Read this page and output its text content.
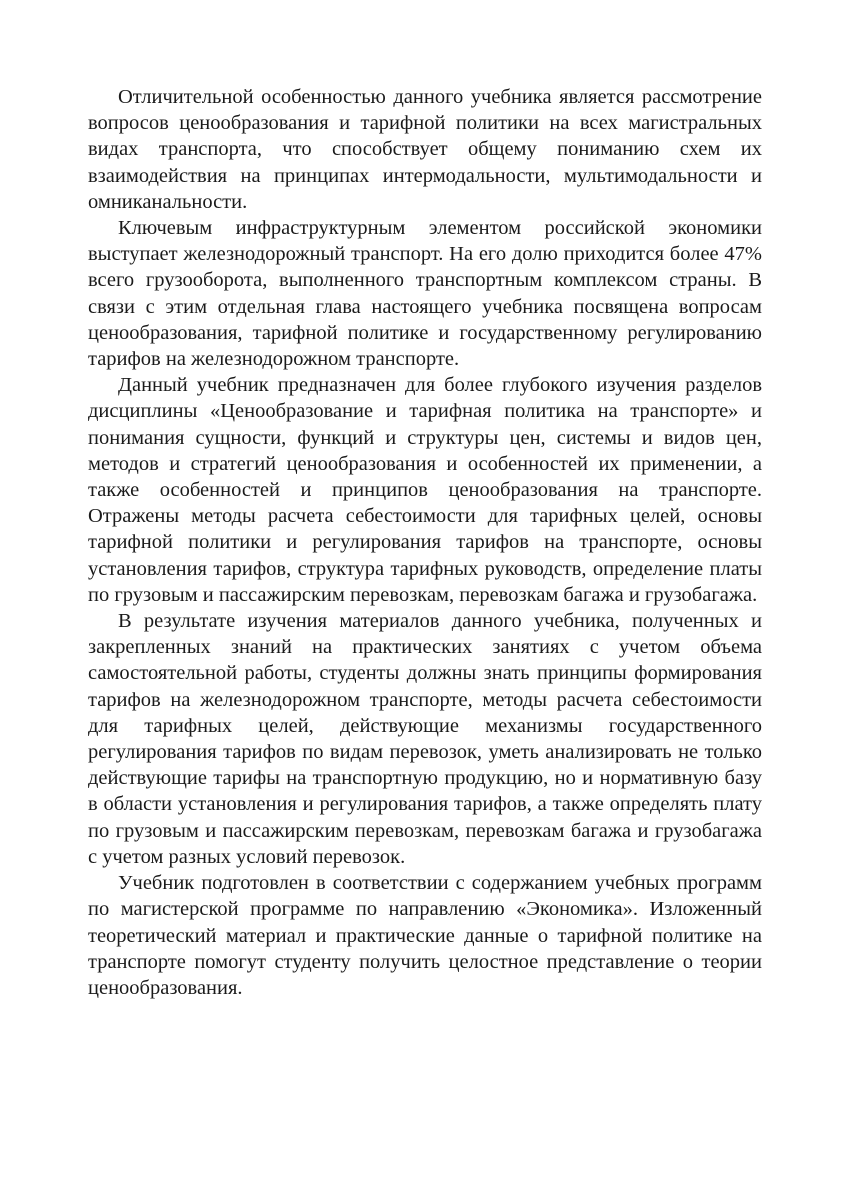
Отличительной особенностью данного учебника является рассмотрение вопросов ценообразования и тарифной политики на всех магистральных видах транспорта, что способствует общему пониманию схем их взаимодействия на принципах интермодальности, мультимодальности и омниканальности.

Ключевым инфраструктурным элементом российской экономики выступает железнодорожный транспорт. На его долю приходится более 47% всего грузооборота, выполненного транспортным комплексом страны. В связи с этим отдельная глава настоящего учебника посвящена вопросам ценообразования, тарифной политике и государственному регулированию тарифов на железнодорожном транспорте.

Данный учебник предназначен для более глубокого изучения разделов дисциплины «Ценообразование и тарифная политика на транспорте» и понимания сущности, функций и структуры цен, системы и видов цен, методов и стратегий ценообразования и особенностей их применении, а также особенностей и принципов ценообразования на транспорте. Отражены методы расчета себестоимости для тарифных целей, основы тарифной политики и регулирования тарифов на транспорте, основы установления тарифов, структура тарифных руководств, определение платы по грузовым и пассажирским перевозкам, перевозкам багажа и грузобагажа.

В результате изучения материалов данного учебника, полученных и закрепленных знаний на практических занятиях с учетом объема самостоятельной работы, студенты должны знать принципы формирования тарифов на железнодорожном транспорте, методы расчета себестоимости для тарифных целей, действующие механизмы государственного регулирования тарифов по видам перевозок, уметь анализировать не только действующие тарифы на транспортную продукцию, но и нормативную базу в области установления и регулирования тарифов, а также определять плату по грузовым и пассажирским перевозкам, перевозкам багажа и грузобагажа с учетом разных условий перевозок.

Учебник подготовлен в соответствии с содержанием учебных программ по магистерской программе по направлению «Экономика». Изложенный теоретический материал и практические данные о тарифной политике на транспорте помогут студенту получить целостное представление о теории ценообразования.
